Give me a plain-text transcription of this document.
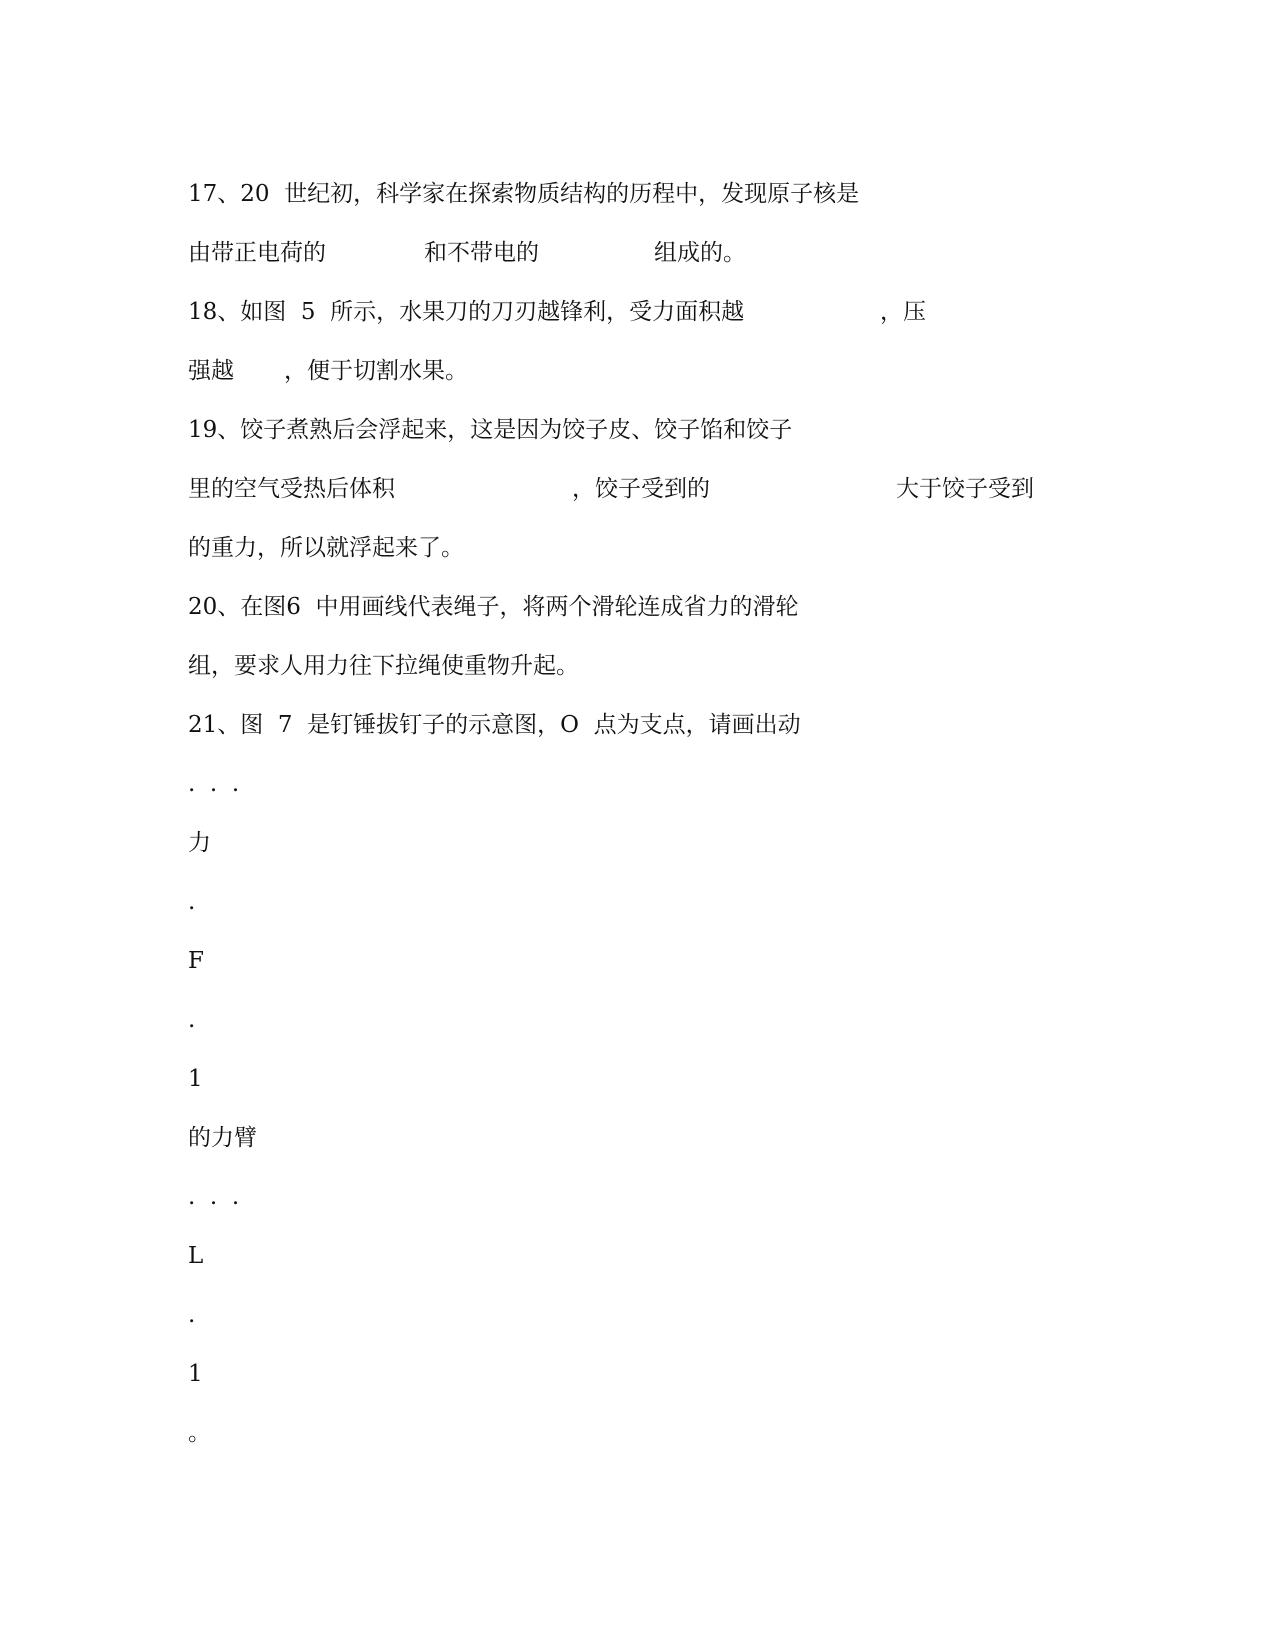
17、20  世纪初，科学家在探索物质结构的历程中，发现原子核是

由带正电荷的

	和不带电的

	组成的。

18、如图  5  所示，水果刀的刀刃越锋利，受力面积越

	，压

强越

，便于切割水果。

19、饺子煮熟后会浮起来，这是因为饺子皮、饺子馅和饺子

里的空气受热后体积

	，饺子受到的

	大于饺子受到

的重力，所以就浮起来了。

20、在图6  中用画线代表绳子，将两个滑轮连成省力的滑轮

组，要求人用力往下拉绳使重物升起。

21、图  7  是钉锤拔钉子的示意图，O  点为支点，请画出动

.  .  .

力

.

F

.

1

的力臂

.  .  .

L

.

1

。
